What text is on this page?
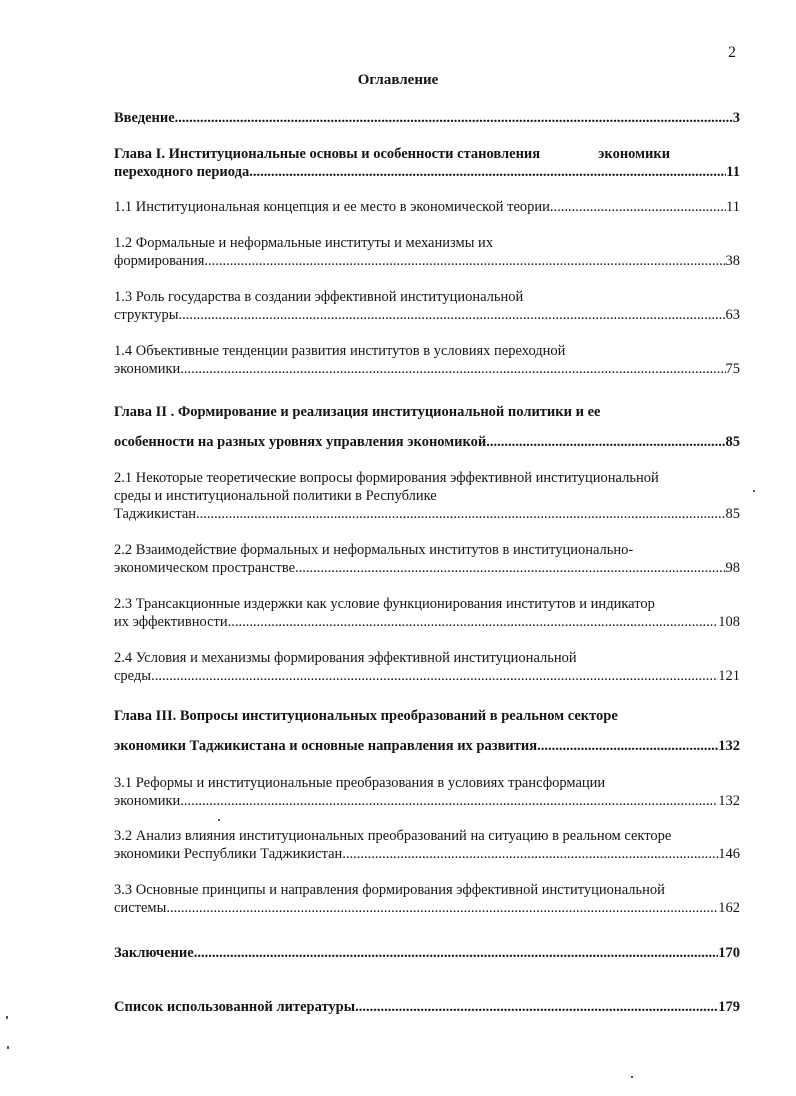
2
Оглавление
Введение .....	3
Глава I. Институциональные основы и особенности становления	экономики
переходного периода .....	11
1.1 Институциональная концепция и ее место в экономической теории .....	11
1.2 Формальные и неформальные институты и механизмы их
формирования .....	38
1.3 Роль государства в создании эффективной институциональной
структуры .....	63
1.4 Объективные тенденции развития институтов в условиях переходной
экономики .....	75
Глава II . Формирование и реализация институциональной политики и ее
особенности на разных уровнях управления экономикой .....	85
2.1 Некоторые теоретические вопросы формирования эффективной институциональной
среды и институциональной политики в Республике
Таджикистан .....	85
2.2 Взаимодействие формальных и неформальных институтов в институционально-
экономическом пространстве .....	98
2.3 Трансакционные издержки как условие функционирования институтов и индикатор
их эффективности .....	108
2.4 Условия и механизмы формирования эффективной институциональной
среды .....	121
Глава III. Вопросы институциональных преобразований в реальном секторе
экономики Таджикистана и основные направления их развития .....	132
3.1 Реформы и институциональные преобразования в условиях трансформации
экономики .....	132
3.2 Анализ влияния институциональных преобразований на ситуацию в реальном секторе
экономики Республики Таджикистан .....	146
3.3 Основные принципы и направления формирования эффективной институциональной
системы .....	162
Заключение .....	170
Список использованной литературы .....	179
